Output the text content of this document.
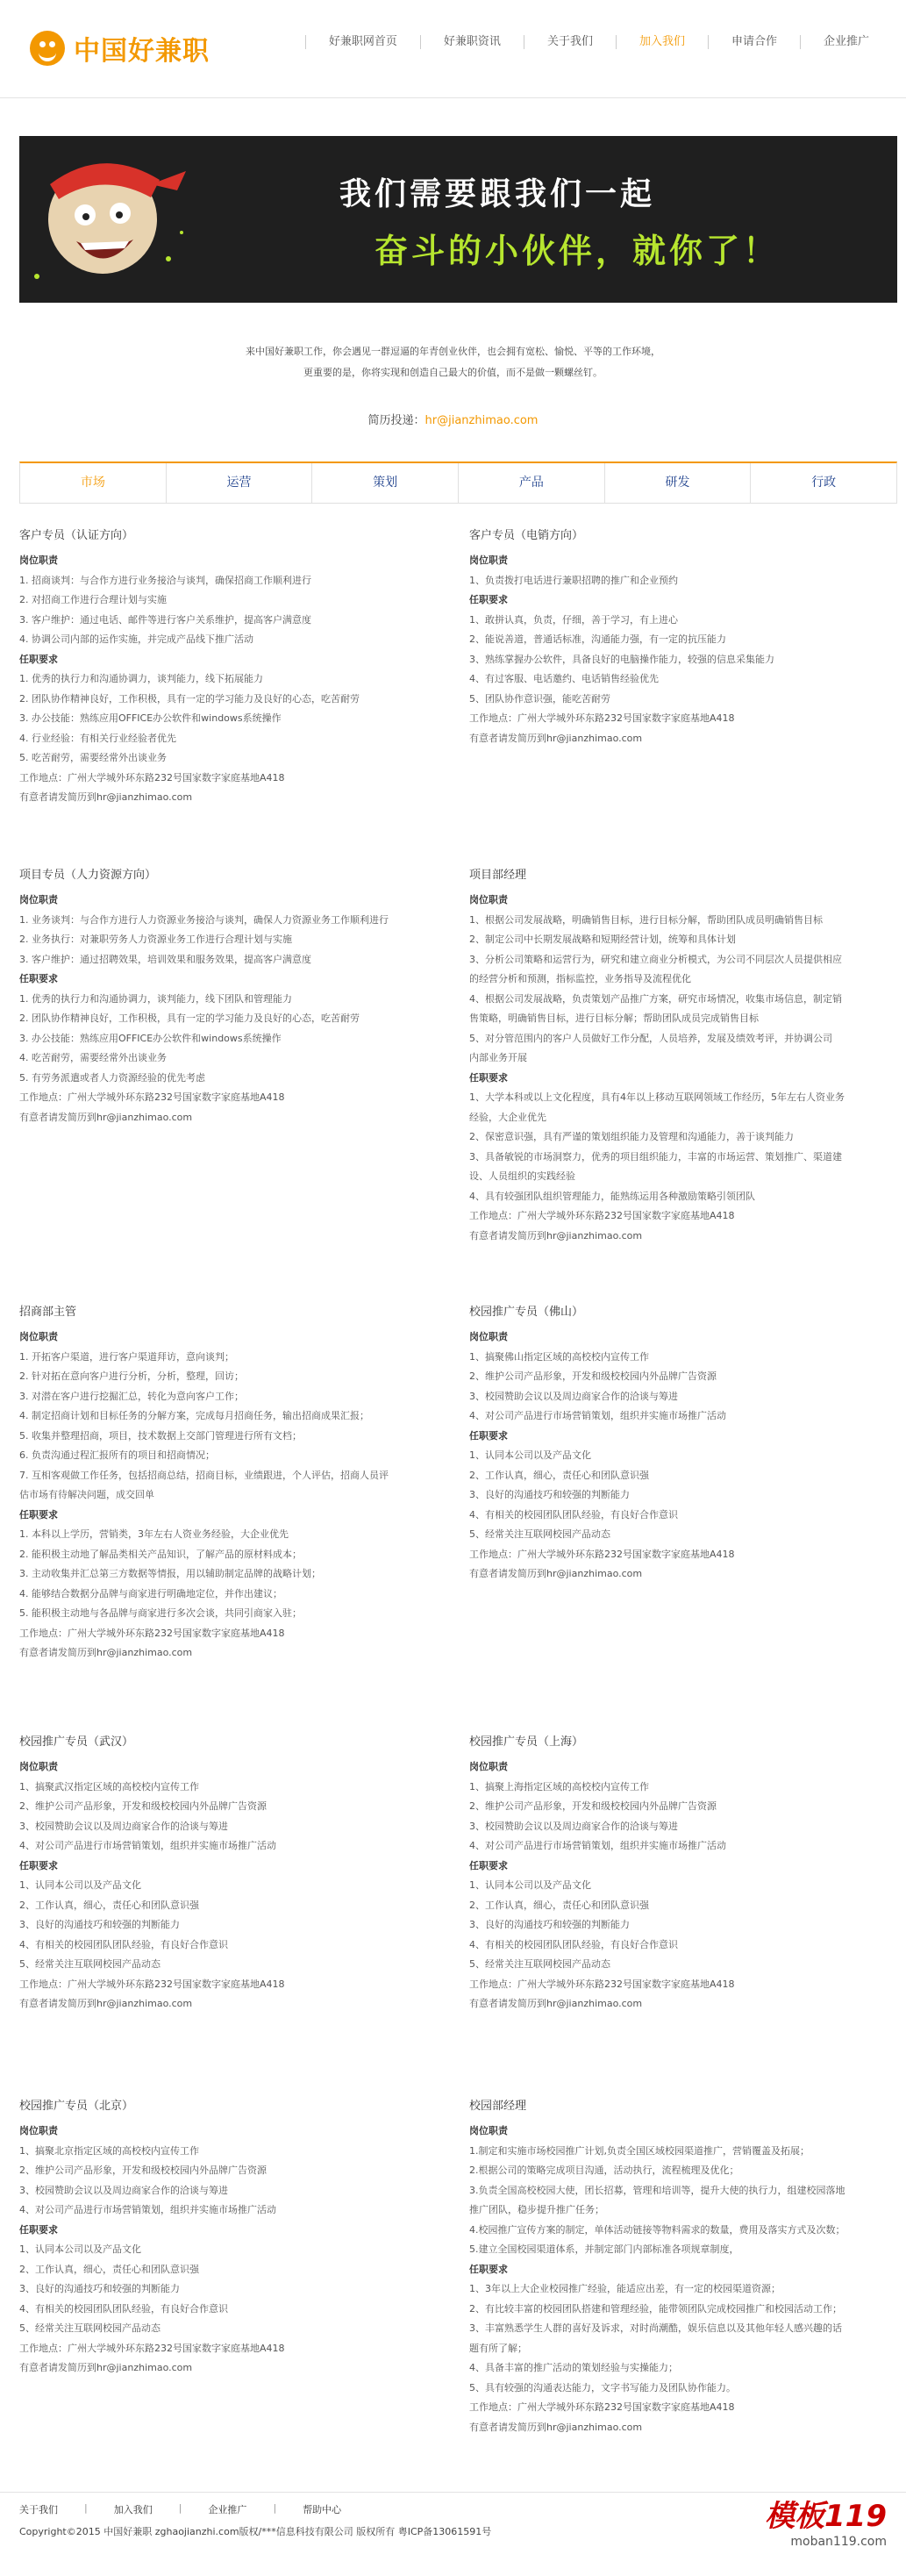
中国好兼职	好兼职网首页	好兼职资讯	关于我们	加入我们	申请合作	企业推广
我们需要跟我们一起
奋斗的小伙伴，就你了！
来中国好兼职工作，你会遇见一群逗逼的年青创业伙伴，也会拥有宽松、愉悦、平等的工作环境，
更重要的是，你将实现和创造自己最大的价值，而不是做一颗螺丝钉。
简历投递：hr@jianzhimao.com
市场	运营	策划	产品	研发	行政
客户专员（认证方向）
岗位职责
1. 招商谈判：与合作方进行业务接洽与谈判，确保招商工作顺利进行
2. 对招商工作进行合理计划与实施
3. 客户维护：通过电话、邮件等进行客户关系维护，提高客户满意度
4. 协调公司内部的运作实施，并完成产品线下推广活动
任职要求
1. 优秀的执行力和沟通协调力，谈判能力，线下拓展能力
2. 团队协作精神良好，工作积极，具有一定的学习能力及良好的心态，吃苦耐劳
3. 办公技能：熟练应用OFFICE办公软件和windows系统操作
4. 行业经验：有相关行业经验者优先
5. 吃苦耐劳，需要经常外出谈业务
工作地点：广州大学城外环东路232号国家数字家庭基地A418
有意者请发简历到hr@jianzhimao.com
客户专员（电销方向）
岗位职责
1、负责拨打电话进行兼职招聘的推广和企业预约
任职要求
1、敢拼认真，负责，仔细，善于学习，有上进心
2、能说善道，普通话标准，沟通能力强，有一定的抗压能力
3、熟练掌握办公软件，具备良好的电脑操作能力，较强的信息采集能力
4、有过客服、电话邀约、电话销售经验优先
5、团队协作意识强，能吃苦耐劳
工作地点：广州大学城外环东路232号国家数字家庭基地A418
有意者请发简历到hr@jianzhimao.com
项目专员（人力资源方向）
岗位职责
1. 业务谈判：与合作方进行人力资源业务接洽与谈判，确保人力资源业务工作顺利进行
2. 业务执行：对兼职劳务人力资源业务工作进行合理计划与实施
3. 客户维护：通过招聘效果，培训效果和服务效果，提高客户满意度
任职要求
1. 优秀的执行力和沟通协调力，谈判能力，线下团队和管理能力
2. 团队协作精神良好，工作积极，具有一定的学习能力及良好的心态，吃苦耐劳
3. 办公技能：熟练应用OFFICE办公软件和windows系统操作
4. 吃苦耐劳，需要经常外出谈业务
5. 有劳务派遣或者人力资源经验的优先考虑
工作地点：广州大学城外环东路232号国家数字家庭基地A418
有意者请发简历到hr@jianzhimao.com
项目部经理
岗位职责
1、根据公司发展战略，明确销售目标，进行目标分解，帮助团队成员明确销售目标
2、制定公司中长期发展战略和短期经营计划，统筹和具体计划
3、分析公司策略和运营行为，研究和建立商业分析模式，为公司不同层次人员提供相应
的经营分析和预测，指标监控，业务指导及流程优化
4、根据公司发展战略，负责策划产品推广方案，研究市场情况，收集市场信息，制定销
售策略，明确销售目标，进行目标分解；帮助团队成员完成销售目标
5、对分管范围内的客户人员做好工作分配，人员培养，发展及绩效考评，并协调公司
内部业务开展
任职要求
1、大学本科或以上文化程度，具有4年以上移动互联网领域工作经历，5年左右人资业务
经验，大企业优先
2、保密意识强，具有严谨的策划组织能力及管理和沟通能力，善于谈判能力
3、具备敏锐的市场洞察力，优秀的项目组织能力，丰富的市场运营、策划推广、渠道建
设、人员组织的实践经验
4、具有较强团队组织管理能力，能熟练运用各种激励策略引领团队
工作地点：广州大学城外环东路232号国家数字家庭基地A418
有意者请发简历到hr@jianzhimao.com
招商部主管
岗位职责
1. 开拓客户渠道，进行客户渠道拜访，意向谈判；
2. 针对拓在意向客户进行分析，分析，整理，回访；
3. 对潜在客户进行挖掘汇总，转化为意向客户工作；
4. 制定招商计划和目标任务的分解方案，完成每月招商任务，输出招商成果汇报；
5. 收集并整理招商，项目，技术数据上交部门管理进行所有文档；
6. 负责沟通过程汇报所有的项目和招商情况；
7. 互相客观做工作任务，包括招商总结，招商目标，业绩跟进，个人评估，招商人员评
估市场有待解决问题，成交回单
任职要求
1. 本科以上学历，营销类，3年左右人资业务经验，大企业优先
2. 能积极主动地了解品类相关产品知识，了解产品的原材料成本；
3. 主动收集并汇总第三方数据等情报，用以辅助制定品牌的战略计划；
4. 能够结合数据分品牌与商家进行明确地定位，并作出建议；
5. 能积极主动地与各品牌与商家进行多次会谈，共同引商家入驻；
工作地点：广州大学城外环东路232号国家数字家庭基地A418
有意者请发简历到hr@jianzhimao.com
校园推广专员（佛山）
岗位职责
1、搞聚佛山指定区域的高校校内宣传工作
2、维护公司产品形象，开发和级校校园内外品牌广告资源
3、校园赞助会议以及周边商家合作的洽谈与筹进
4、对公司产品进行市场营销策划，组织并实施市场推广活动
任职要求
1、认同本公司以及产品文化
2、工作认真，细心，责任心和团队意识强
3、良好的沟通技巧和较强的判断能力
4、有相关的校园团队团队经验，有良好合作意识
5、经常关注互联网校园产品动态
工作地点：广州大学城外环东路232号国家数字家庭基地A418
有意者请发简历到hr@jianzhimao.com
校园推广专员（武汉）
岗位职责
1、搞聚武汉指定区域的高校校内宣传工作
2、维护公司产品形象，开发和级校校园内外品牌广告资源
3、校园赞助会议以及周边商家合作的洽谈与筹进
4、对公司产品进行市场营销策划，组织并实施市场推广活动
任职要求
1、认同本公司以及产品文化
2、工作认真，细心，责任心和团队意识强
3、良好的沟通技巧和较强的判断能力
4、有相关的校园团队团队经验，有良好合作意识
5、经常关注互联网校园产品动态
工作地点：广州大学城外环东路232号国家数字家庭基地A418
有意者请发简历到hr@jianzhimao.com
校园推广专员（上海）
岗位职责
1、搞聚上海指定区域的高校校内宣传工作
2、维护公司产品形象，开发和级校校园内外品牌广告资源
3、校园赞助会议以及周边商家合作的洽谈与筹进
4、对公司产品进行市场营销策划，组织并实施市场推广活动
任职要求
1、认同本公司以及产品文化
2、工作认真，细心，责任心和团队意识强
3、良好的沟通技巧和较强的判断能力
4、有相关的校园团队团队经验，有良好合作意识
5、经常关注互联网校园产品动态
工作地点：广州大学城外环东路232号国家数字家庭基地A418
有意者请发简历到hr@jianzhimao.com
校园推广专员（北京）
岗位职责
1、搞聚北京指定区域的高校校内宣传工作
2、维护公司产品形象，开发和级校校园内外品牌广告资源
3、校园赞助会议以及周边商家合作的洽谈与筹进
4、对公司产品进行市场营销策划，组织并实施市场推广活动
任职要求
1、认同本公司以及产品文化
2、工作认真，细心，责任心和团队意识强
3、良好的沟通技巧和较强的判断能力
4、有相关的校园团队团队经验，有良好合作意识
5、经常关注互联网校园产品动态
工作地点：广州大学城外环东路232号国家数字家庭基地A418
有意者请发简历到hr@jianzhimao.com
校园部经理
岗位职责
1.制定和实施市场校园推广计划,负责全国区域校园渠道推广，营销覆盖及拓展；
2.根据公司的策略完成项目沟通，活动执行，流程梳理及优化；
3.负责全国高校校园大使，团长招募，管理和培训等，提升大使的执行力，组建校园落地
推广团队，稳步提升推广任务；
4.校园推广宣传方案的制定，单体活动链接等物料需求的数量，费用及落实方式及次数；
5.建立全国校园渠道体系，并制定部门内部标准各项规章制度，
任职要求
1、3年以上大企业校园推广经验，能适应出差，有一定的校园渠道资源；
2、有比较丰富的校园团队搭建和管理经验，能带领团队完成校园推广和校园活动工作；
3、丰富熟悉学生人群的喜好及诉求，对时尚潮酷，娱乐信息以及其他年轻人感兴趣的话
题有所了解；
4、具备丰富的推广活动的策划经验与实操能力；
5、具有较强的沟通表达能力，文字书写能力及团队协作能力。
工作地点：广州大学城外环东路232号国家数字家庭基地A418
有意者请发简历到hr@jianzhimao.com
关于我们	|	加入我们	|	企业推广	|	帮助中心
Copyright©2015 中国好兼职 zghaojianzhi.com版权/***信息科技有限公司 版权所有 粤ICP备13061591号	模板119
moban119.com
